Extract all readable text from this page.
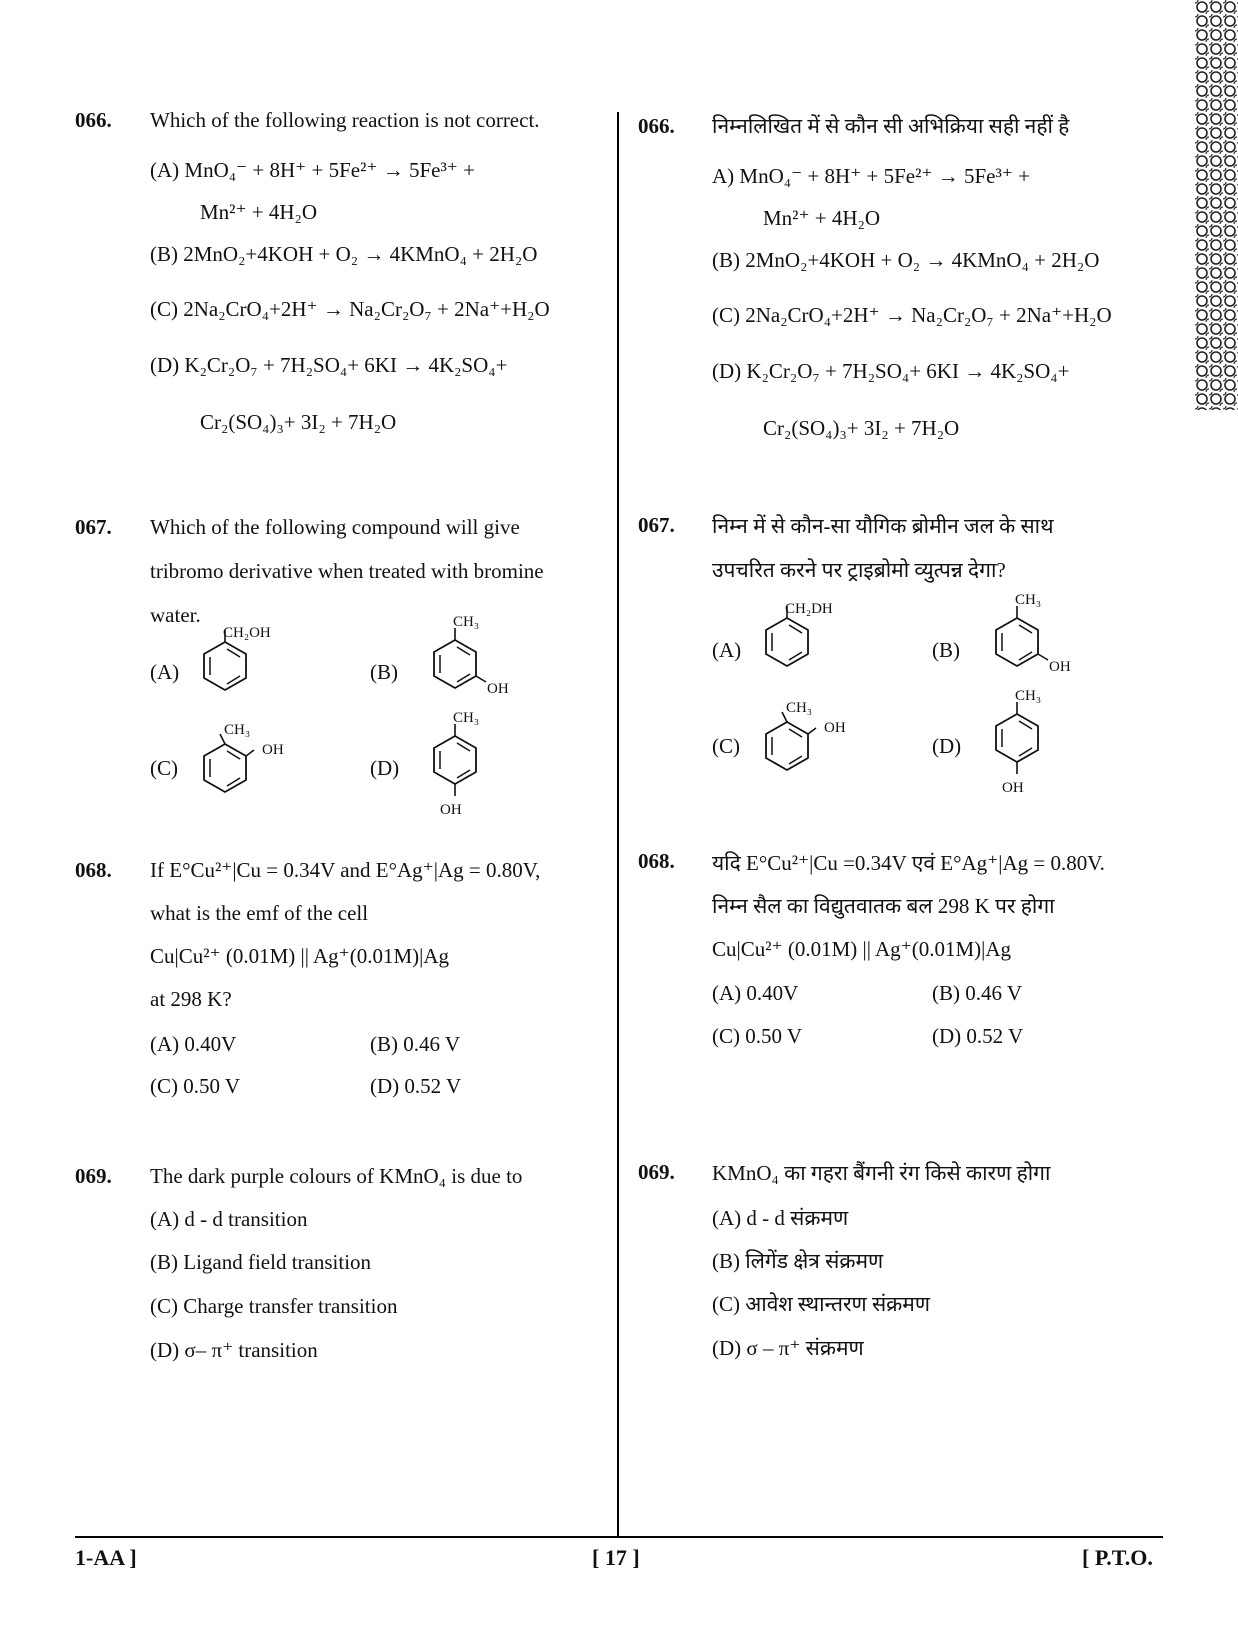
066. Which of the following reaction is not correct.
(A) MnO₄⁻ + 8H⁺ + 5Fe²⁺ → 5Fe³⁺ +
Mn²⁺ + 4H₂O
(B) 2MnO₂+4KOH + O₂ → 4KMnO₄ + 2H₂O
(C) 2Na₂CrO₄+2H⁺ → Na₂Cr₂O₇ + 2Na⁺+H₂O
(D) K₂Cr₂O₇ + 7H₂SO₄+ 6KI → 4K₂SO₄+
Cr₂(SO₄)₃+ 3I₂ + 7H₂O
067. Which of the following compound will give
tribromo derivative when treated with bromine
water.
(A)
CH₂OH
(B)
CH₃
OH
(C)
CH₃
OH
(D)
CH₃
OH
068. If E°Cu²⁺|Cu = 0.34V and E°Ag⁺|Ag = 0.80V,
what is the emf of the cell
Cu|Cu²⁺ (0.01M) || Ag⁺(0.01M)|Ag
at 298 K?
(A) 0.40V	(B) 0.46 V
(C) 0.50 V	(D) 0.52 V
069. The dark purple colours of KMnO₄ is due to
(A) d - d transition
(B) Ligand field transition
(C) Charge transfer transition
(D) σ– π⁺ transition
066. निम्नलिखित में से कौन सी अभिक्रिया सही नहीं है
A) MnO₄⁻ + 8H⁺ + 5Fe²⁺ → 5Fe³⁺ +
Mn²⁺ + 4H₂O
(B) 2MnO₂+4KOH + O₂ → 4KMnO₄ + 2H₂O
(C) 2Na₂CrO₄+2H⁺ → Na₂Cr₂O₇ + 2Na⁺+H₂O
(D) K₂Cr₂O₇ + 7H₂SO₄+ 6KI → 4K₂SO₄+
Cr₂(SO₄)₃+ 3I₂ + 7H₂O
067. निम्न में से कौन-सा यौगिक ब्रोमीन जल के साथ
उपचरित करने पर ट्राइब्रोमो व्युत्पन्न देगा?
(A)
CH₂DH
(B)
CH₃
OH
(C)
CH₃
OH
(D)
CH₃
OH
068. यदि E°Cu²⁺|Cu =0.34V एवं E°Ag⁺|Ag = 0.80V.
निम्न सैल का विद्युतवातक बल 298 K पर होगा
Cu|Cu²⁺ (0.01M) || Ag⁺(0.01M)|Ag
(A) 0.40V	(B) 0.46 V
(C) 0.50 V	(D) 0.52 V
069. KMnO₄ का गहरा बैंगनी रंग किसे कारण होगा
(A) d - d संक्रमण
(B) लिगेंड क्षेत्र संक्रमण
(C) आवेश स्थान्तरण संक्रमण
(D) σ – π⁺ संक्रमण
1-AA ]	[ 17 ]	[ P.T.O.
